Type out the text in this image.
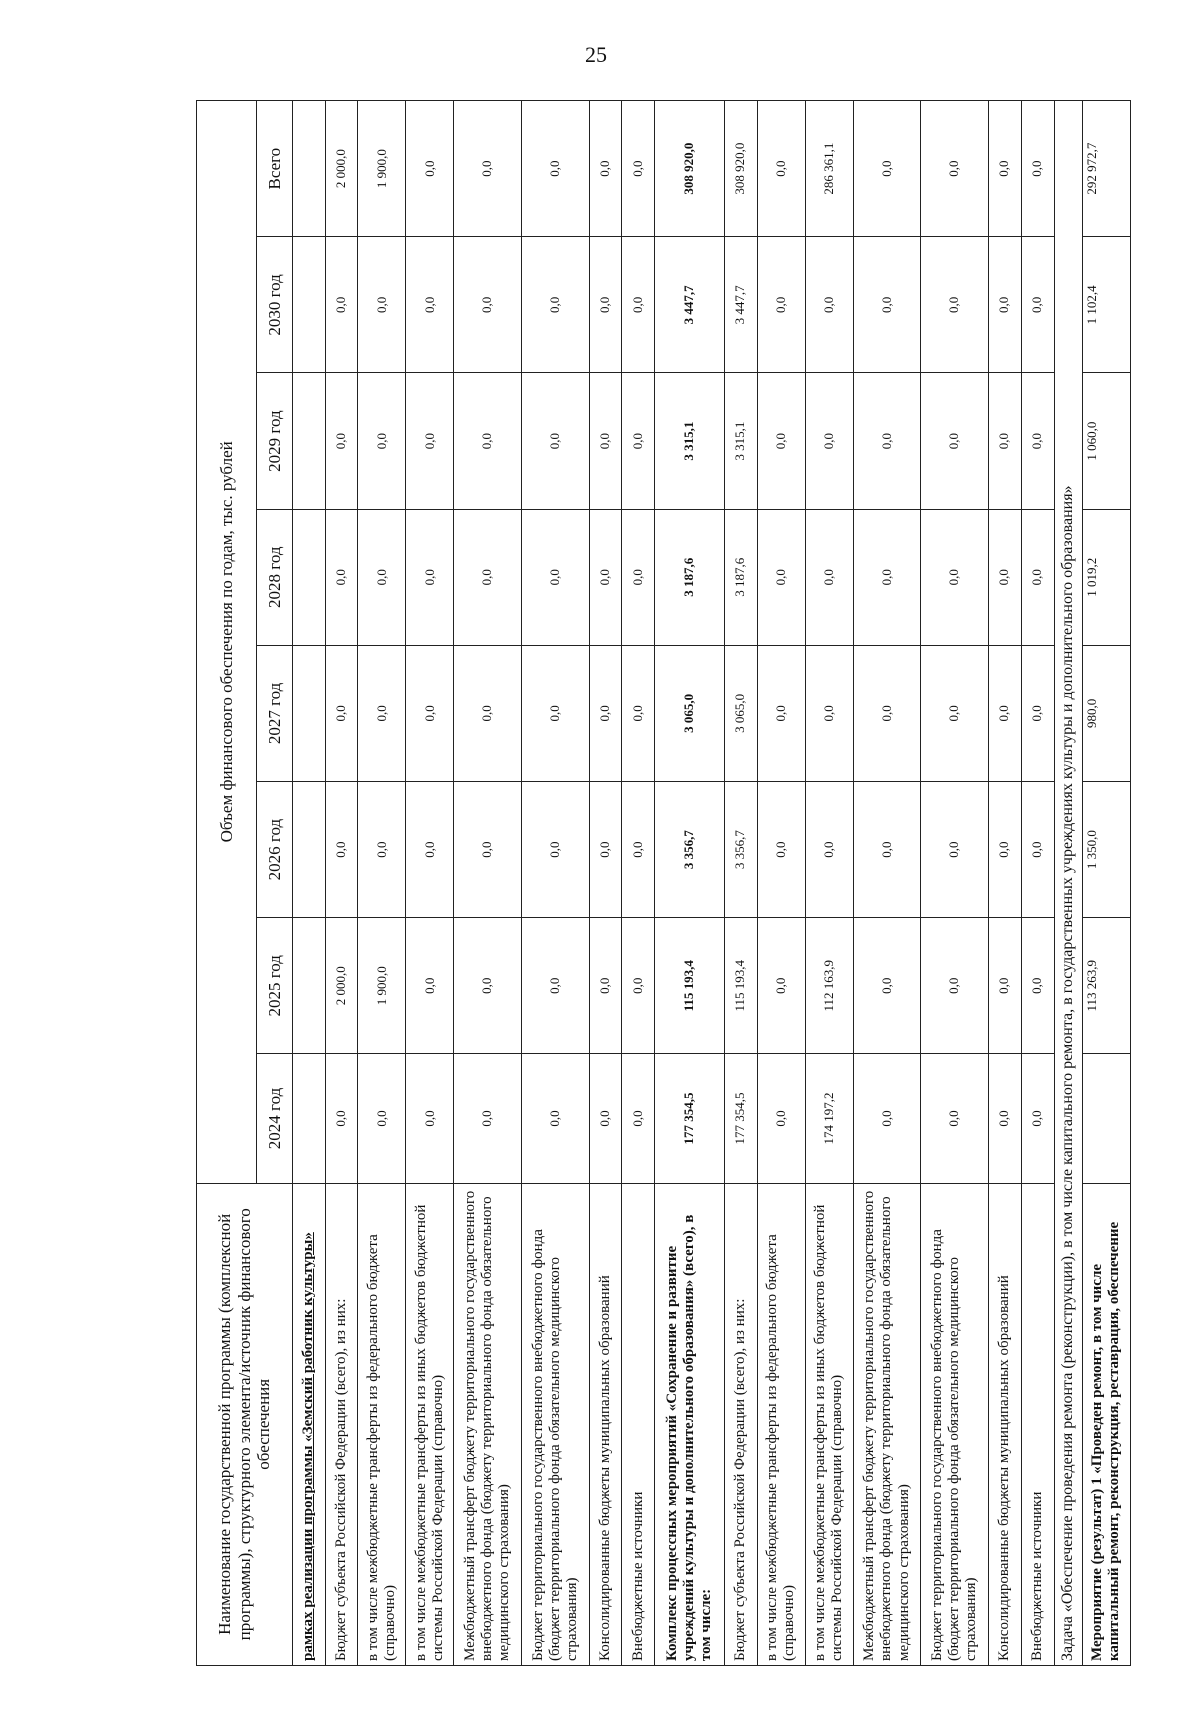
25
Наименование государственной программы (комплексной программы), структурного элемента/источник финансового обеспечения	Объем финансового обеспечения по годам, тыс. рублей							
	2024 год	2025 год	2026 год	2027 год	2028 год	2029 год	2030 год	Всего
рамках реализации программы «Земский работник культуры»								
Бюджет субъекта Российской Федерации (всего), из них:	0,0	2 000,0	0,0	0,0	0,0	0,0	0,0	2 000,0
в том числе межбюджетные трансферты из федерального бюджета (справочно)	0,0	1 900,0	0,0	0,0	0,0	0,0	0,0	1 900,0
в том числе межбюджетные трансферты из иных бюджетов бюджетной системы Российской Федерации (справочно)	0,0	0,0	0,0	0,0	0,0	0,0	0,0	0,0
Межбюджетный трансферт бюджету территориального государственного внебюджетного фонда (бюджету территориального фонда обязательного медицинского страхования)	0,0	0,0	0,0	0,0	0,0	0,0	0,0	0,0
Бюджет территориального государственного внебюджетного фонда (бюджет территориального фонда обязательного медицинского страхования)	0,0	0,0	0,0	0,0	0,0	0,0	0,0	0,0
Консолидированные бюджеты муниципальных образований	0,0	0,0	0,0	0,0	0,0	0,0	0,0	0,0
Внебюджетные источники	0,0	0,0	0,0	0,0	0,0	0,0	0,0	0,0
Комплекс процессных мероприятий «Сохранение и развитие учреждений культуры и дополнительного образования» (всего), в том числе:	177 354,5	115 193,4	3 356,7	3 065,0	3 187,6	3 315,1	3 447,7	308 920,0
Бюджет субъекта Российской Федерации (всего), из них:	177 354,5	115 193,4	3 356,7	3 065,0	3 187,6	3 315,1	3 447,7	308 920,0
в том числе межбюджетные трансферты из федерального бюджета (справочно)	0,0	0,0	0,0	0,0	0,0	0,0	0,0	0,0
в том числе межбюджетные трансферты из иных бюджетов бюджетной системы Российской Федерации (справочно)	174 197,2	112 163,9	0,0	0,0	0,0	0,0	0,0	286 361,1
Межбюджетный трансферт бюджету территориального государственного внебюджетного фонда (бюджету территориального фонда обязательного медицинского страхования)	0,0	0,0	0,0	0,0	0,0	0,0	0,0	0,0
Бюджет территориального государственного внебюджетного фонда (бюджет территориального фонда обязательного медицинского страхования)	0,0	0,0	0,0	0,0	0,0	0,0	0,0	0,0
Консолидированные бюджеты муниципальных образований	0,0	0,0	0,0	0,0	0,0	0,0	0,0	0,0
Внебюджетные источники	0,0	0,0	0,0	0,0	0,0	0,0	0,0	0,0
Задача «Обеспечение проведения ремонта (реконструкции), в том числе капитального ремонта, в государственных учреждениях культуры и дополнительного образования»								
Мероприятие (результат) 1 «Проведен ремонт, в том числе капитальный ремонт, реконструкция, реставрация, обеспечение		113 263,9	1 350,0	980,0	1 019,2	1 060,0	1 102,4	292 972,7
